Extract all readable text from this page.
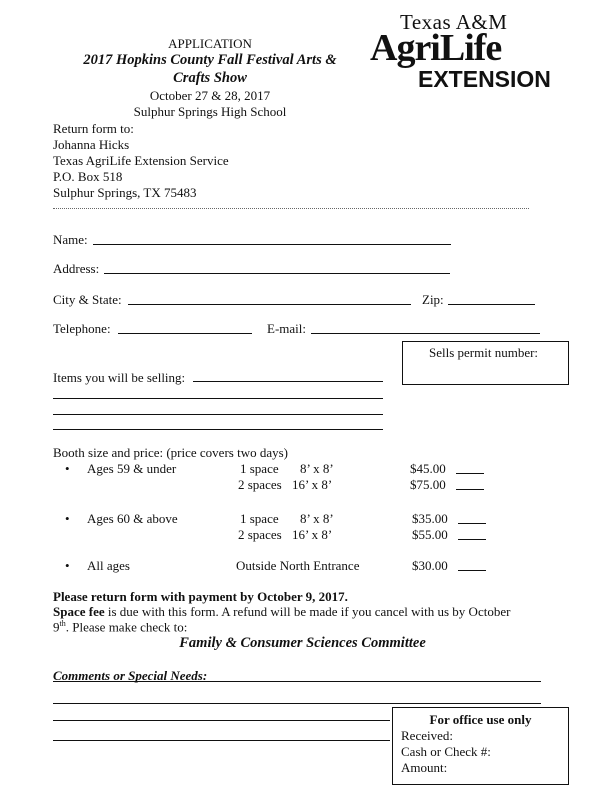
APPLICATION
2017 Hopkins County Fall Festival Arts &
Crafts Show
October 27 & 28, 2017
Sulphur Springs High School
Texas A&M
AgriLife
EXTENSION
Return form to:
Johanna Hicks
Texas AgriLife Extension Service
P.O. Box 518
Sulphur Springs, TX 75483
Name:
Address:
City & State:	Zip:
Telephone:	E-mail:
Sells permit number:
Items you will be selling:
Booth size and price: (price covers two days)
• Ages 59 & under	1 space 8’ x 8’	$45.00
2 spaces 16’ x 8’	$75.00
• Ages 60 & above	1 space 8’ x 8’	$35.00
2 spaces 16’ x 8’	$55.00
• All ages	Outside North Entrance	$30.00
Please return form with payment by October 9, 2017.
Space fee is due with this form. A refund will be made if you cancel with us by October
9th. Please make check to:
Family & Consumer Sciences Committee
Comments or Special Needs:
For office use only
Received:
Cash or Check #:
Amount:
